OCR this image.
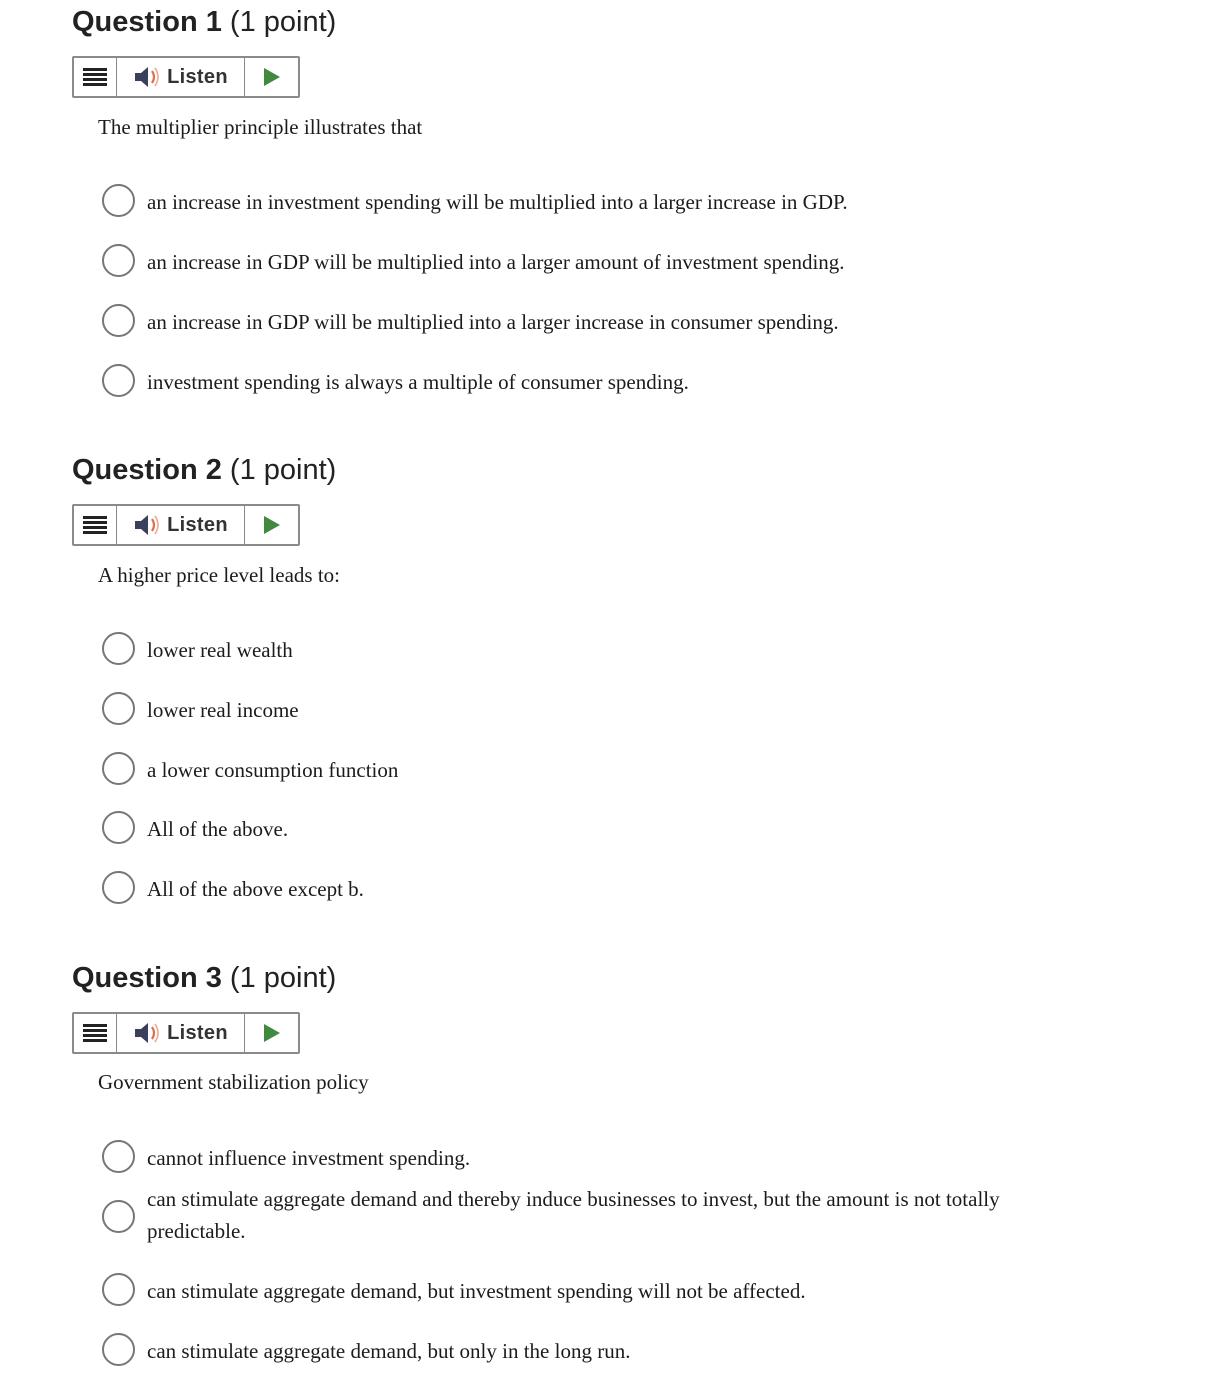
Question 1 (1 point)
Listen

The multiplier principle illustrates that

an increase in investment spending will be multiplied into a larger increase in GDP.
an increase in GDP will be multiplied into a larger amount of investment spending.
an increase in GDP will be multiplied into a larger increase in consumer spending.
investment spending is always a multiple of consumer spending.
Question 2 (1 point)
Listen

A higher price level leads to:

lower real wealth
lower real income
a lower consumption function
All of the above.
All of the above except b.
Question 3 (1 point)
Listen

Government stabilization policy

cannot influence investment spending.
can stimulate aggregate demand and thereby induce businesses to invest, but the amount is not totally predictable.
can stimulate aggregate demand, but investment spending will not be affected.
can stimulate aggregate demand, but only in the long run.
